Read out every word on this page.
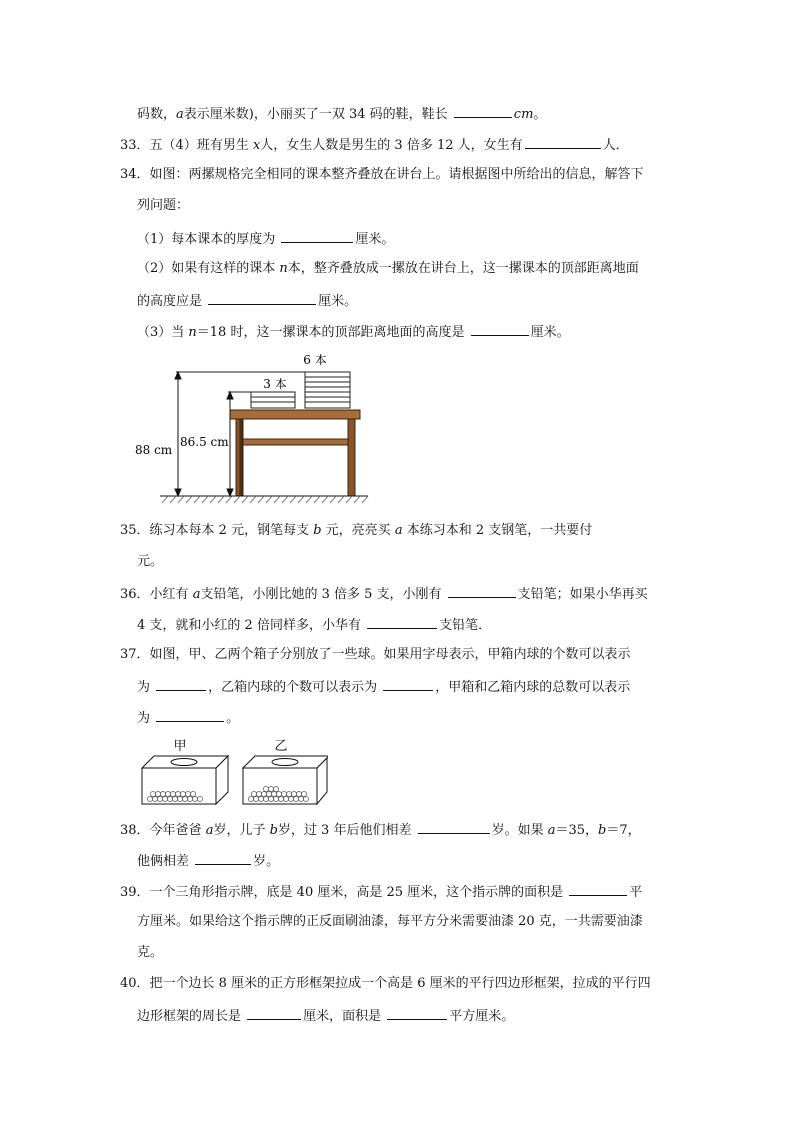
码数，a表示厘米数)，小丽买了一双 34 码的鞋，鞋长	cm。
33．五（4）班有男生 x人，女生人数是男生的 3 倍多 12 人，女生有	人．
34．如图：两摞规格完全相同的课本整齐叠放在讲台上。请根据图中所给出的信息，解答下
列问题：
（1）每本课本的厚度为	厘米。
（2）如果有这样的课本 n本，整齐叠放成一摞放在讲台上，这一摞课本的顶部距离地面
的高度应是	厘米。
（3）当 n＝18 时，这一摞课本的顶部距离地面的高度是	厘米。
6 本
3 本
88 cm
86.5 cm
35．练习本每本 2 元，钢笔每支 b 元，亮亮买 a 本练习本和 2 支钢笔，一共要付
元。
36．小红有 a支铅笔，小刚比她的 3 倍多 5 支，小刚有	支铅笔；如果小华再买
4 支，就和小红的 2 倍同样多，小华有	支铅笔．
37．如图，甲、乙两个箱子分别放了一些球。如果用字母表示，甲箱内球的个数可以表示
为	，乙箱内球的个数可以表示为	，甲箱和乙箱内球的总数可以表示
为	。
甲	乙
38．今年爸爸 a岁，儿子 b岁，过 3 年后他们相差	岁。如果 a＝35，b＝7，
他俩相差	岁。
39．一个三角形指示牌，底是 40 厘米，高是 25 厘米，这个指示牌的面积是	平
方厘米。如果给这个指示牌的正反面刷油漆，每平方分米需要油漆 20 克，一共需要油漆
克。
40．把一个边长 8 厘米的正方形框架拉成一个高是 6 厘米的平行四边形框架，拉成的平行四
边形框架的周长是	厘米，面积是	平方厘米。
